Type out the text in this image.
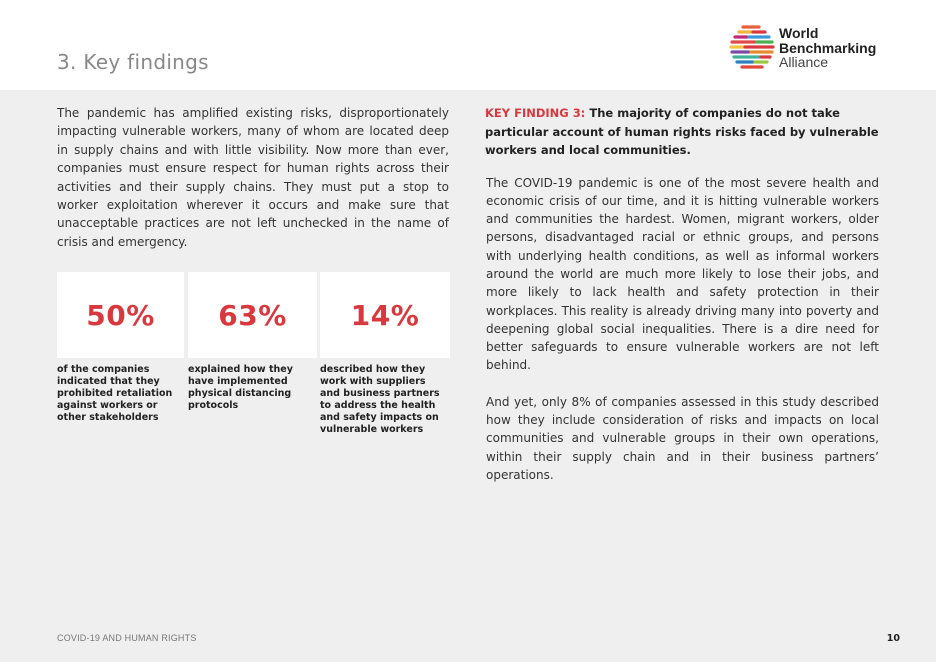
3. Key findings
World
Benchmarking
Alliance

The pandemic has amplified existing risks, disproportionately impacting vulnerable workers, many of whom are located deep in supply chains and with little visibility. Now more than ever, companies must ensure respect for human rights across their activities and their supply chains. They must put a stop to worker exploitation wherever it occurs and make sure that unacceptable practices are not left unchecked in the name of crisis and emergency.

50%
of the companies indicated that they prohibited retaliation against workers or other stakeholders
63%
explained how they have implemented physical distancing protocols
14%
described how they work with suppliers and business partners to address the health and safety impacts on vulnerable workers

KEY FINDING 3: The majority of companies do not take particular account of human rights risks faced by vulnerable workers and local communities.

The COVID-19 pandemic is one of the most severe health and economic crisis of our time, and it is hitting vulnerable workers and communities the hardest. Women, migrant workers, older persons, disadvantaged racial or ethnic groups, and persons with underlying health conditions, as well as informal workers around the world are much more likely to lose their jobs, and more likely to lack health and safety protection in their workplaces. This reality is already driving many into poverty and deepening global social inequalities. There is a dire need for better safeguards to ensure vulnerable workers are not left behind.

And yet, only 8% of companies assessed in this study described how they include consideration of risks and impacts on local communities and vulnerable groups in their own operations, within their supply chain and in their business partners’ operations.

COVID-19 AND HUMAN RIGHTS	10
